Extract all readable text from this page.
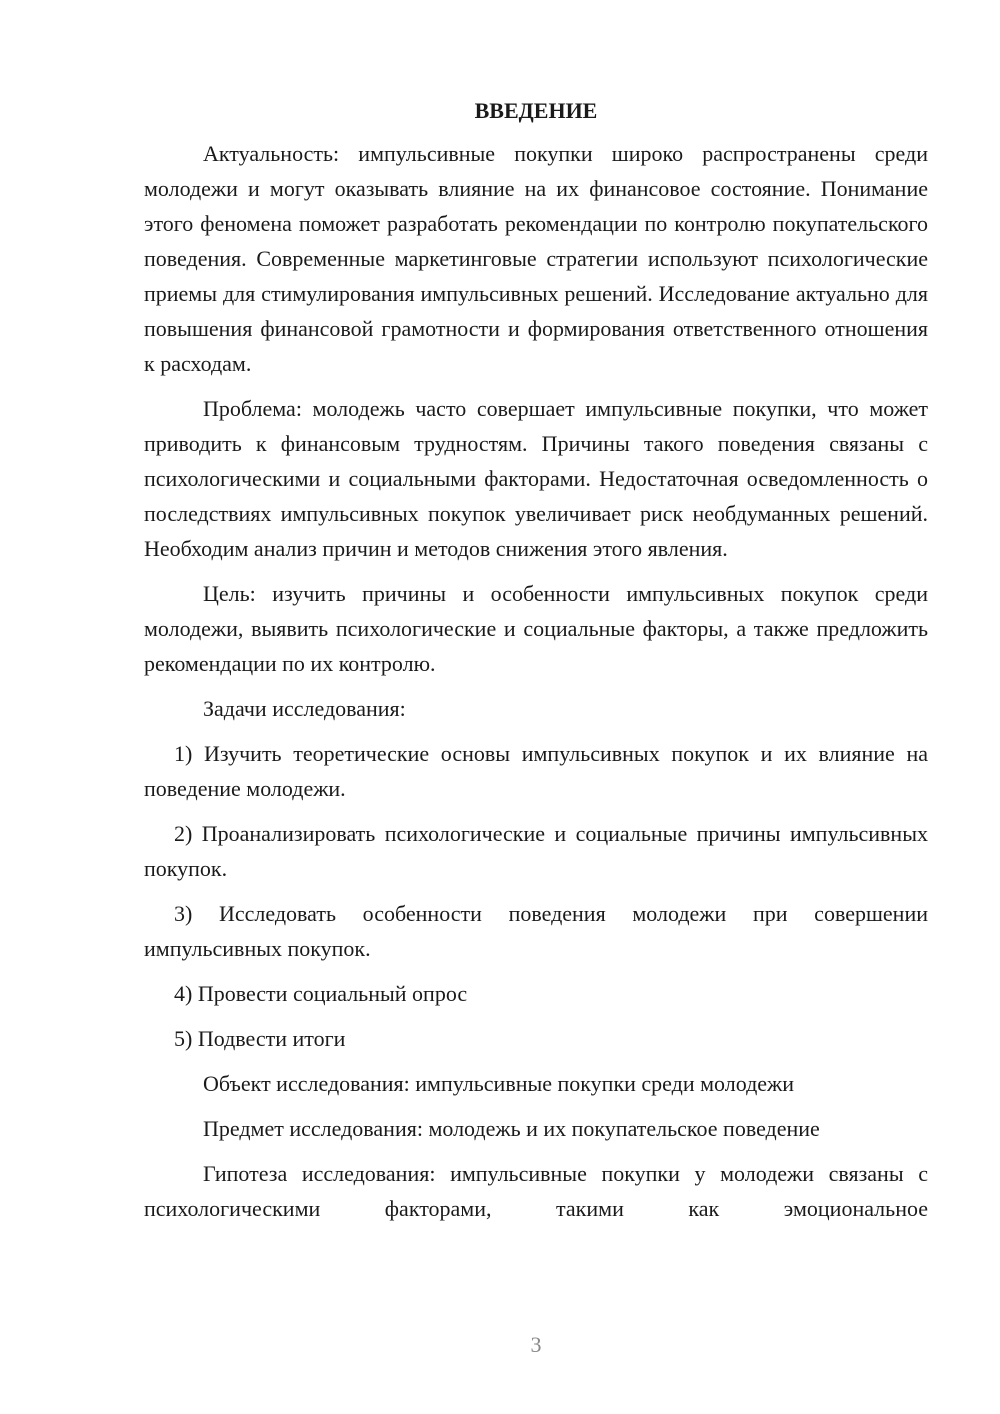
ВВЕДЕНИЕ

Актуальность: импульсивные покупки широко распространены среди молодежи и могут оказывать влияние на их финансовое состояние. Понимание этого феномена поможет разработать рекомендации по контролю покупательского поведения. Современные маркетинговые стратегии используют психологические приемы для стимулирования импульсивных решений. Исследование актуально для повышения финансовой грамотности и формирования ответственного отношения к расходам.

Проблема: молодежь часто совершает импульсивные покупки, что может приводить к финансовым трудностям. Причины такого поведения связаны с психологическими и социальными факторами. Недостаточная осведомленность о последствиях импульсивных покупок увеличивает риск необдуманных решений. Необходим анализ причин и методов снижения этого явления.

Цель: изучить причины и особенности импульсивных покупок среди молодежи, выявить психологические и социальные факторы, а также предложить рекомендации по их контролю.

Задачи исследования:

1) Изучить теоретические основы импульсивных покупок и их влияние на поведение молодежи.

2) Проанализировать психологические и социальные причины импульсивных покупок.

3) Исследовать особенности поведения молодежи при совершении импульсивных покупок.

4) Провести социальный опрос

5) Подвести итоги

Объект исследования: импульсивные покупки среди молодежи

Предмет исследования: молодежь и их покупательское поведение

Гипотеза исследования: импульсивные покупки у молодежи связаны с психологическими факторами, такими как эмоциональное

3
